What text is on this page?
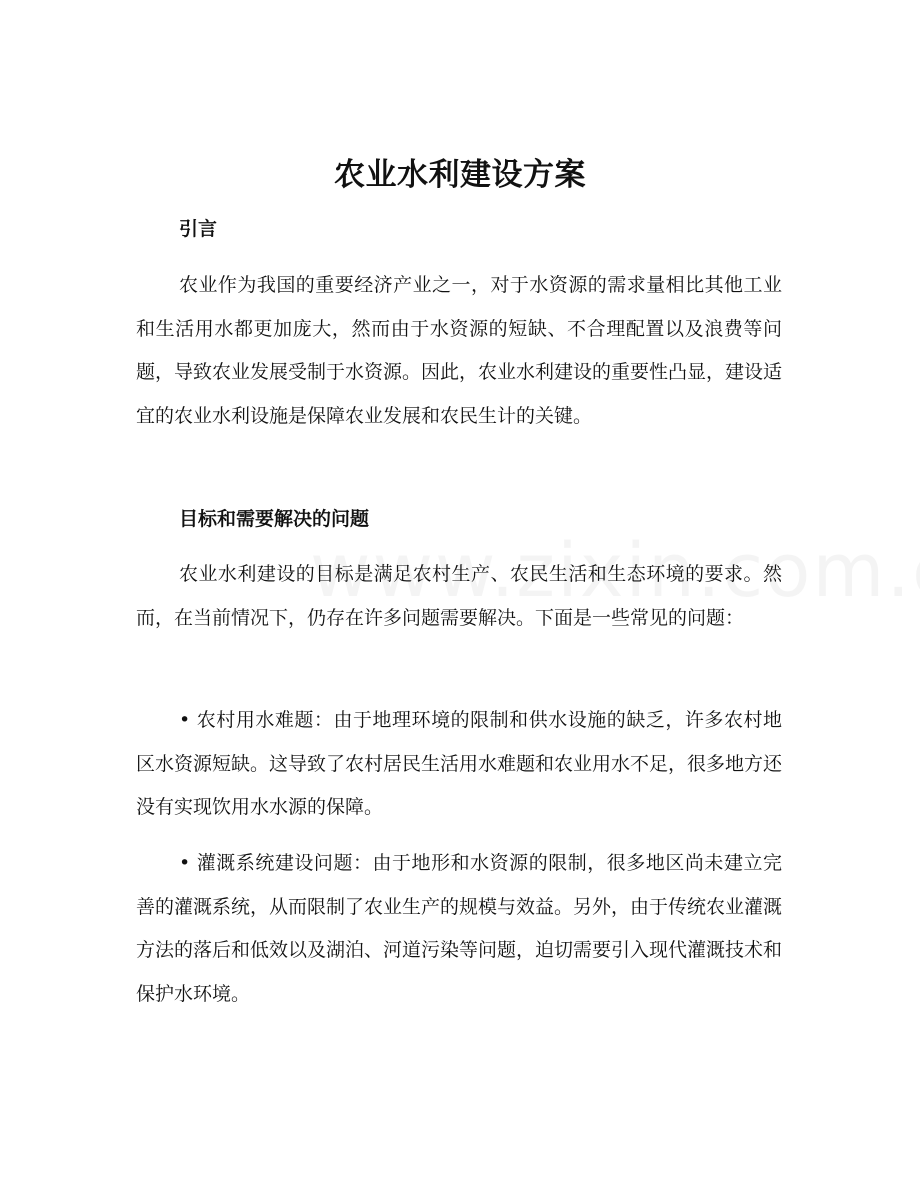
农业水利建设方案
引言

农业作为我国的重要经济产业之一，对于水资源的需求量相比其他工业和生活用水都更加庞大，然而由于水资源的短缺、不合理配置以及浪费等问题，导致农业发展受制于水资源。因此，农业水利建设的重要性凸显，建设适宜的农业水利设施是保障农业发展和农民生计的关键。

目标和需要解决的问题

农业水利建设的目标是满足农村生产、农民生活和生态环境的要求。然而，在当前情况下，仍存在许多问题需要解决。下面是一些常见的问题：

• 农村用水难题：由于地理环境的限制和供水设施的缺乏，许多农村地区水资源短缺。这导致了农村居民生活用水难题和农业用水不足，很多地方还没有实现饮用水水源的保障。

• 灌溉系统建设问题：由于地形和水资源的限制，很多地区尚未建立完善的灌溉系统，从而限制了农业生产的规模与效益。另外，由于传统农业灌溉方法的落后和低效以及湖泊、河道污染等问题，迫切需要引入现代灌溉技术和保护水环境。
